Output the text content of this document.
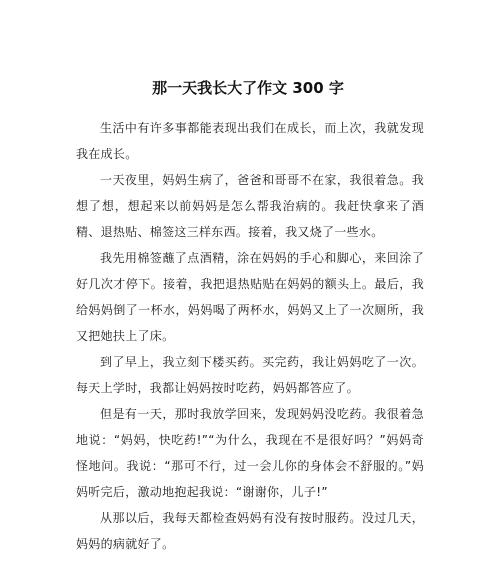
那一天我长大了作文 300 字

生活中有许多事都能表现出我们在成长，而上次，我就发现我在成长。

一天夜里，妈妈生病了，爸爸和哥哥不在家，我很着急。我想了想，想起来以前妈妈是怎么帮我治病的。我赶快拿来了酒精、退热贴、棉签这三样东西。接着，我又烧了一些水。

我先用棉签蘸了点酒精，涂在妈妈的手心和脚心，来回涂了好几次才停下。接着，我把退热贴贴在妈妈的额头上。最后，我给妈妈倒了一杯水，妈妈喝了两杯水，妈妈又上了一次厕所，我又把她扶上了床。

到了早上，我立刻下楼买药。买完药，我让妈妈吃了一次。每天上学时，我都让妈妈按时吃药，妈妈都答应了。

但是有一天，那时我放学回来，发现妈妈没吃药。我很着急地说：“妈妈，快吃药!”“为什么，我现在不是很好吗？”妈妈奇怪地问。我说：“那可不行，过一会儿你的身体会不舒服的。”妈妈听完后，激动地抱起我说：“谢谢你，儿子!”

从那以后，我每天都检查妈妈有没有按时服药。没过几天，妈妈的病就好了。
